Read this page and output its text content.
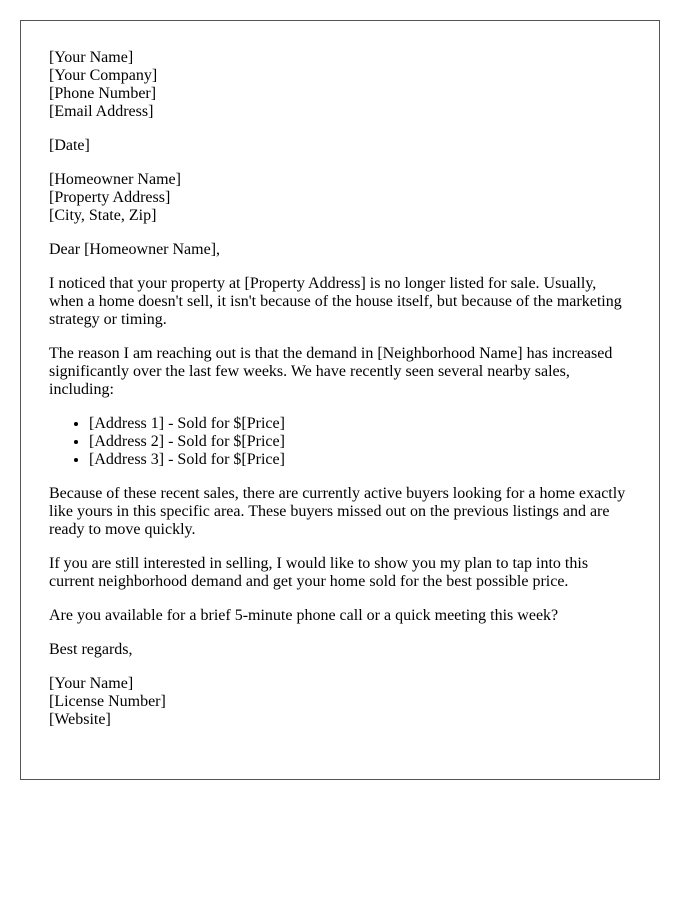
[Your Name]
[Your Company]
[Phone Number]
[Email Address]
[Date]
[Homeowner Name]
[Property Address]
[City, State, Zip]
Dear [Homeowner Name],

I noticed that your property at [Property Address] is no longer listed for sale. Usually, when a home doesn't sell, it isn't because of the house itself, but because of the marketing strategy or timing.

The reason I am reaching out is that the demand in [Neighborhood Name] has increased significantly over the last few weeks. We have recently seen several nearby sales, including:

• [Address 1] - Sold for $[Price]
• [Address 2] - Sold for $[Price]
• [Address 3] - Sold for $[Price]

Because of these recent sales, there are currently active buyers looking for a home exactly like yours in this specific area. These buyers missed out on the previous listings and are ready to move quickly.

If you are still interested in selling, I would like to show you my plan to tap into this current neighborhood demand and get your home sold for the best possible price.

Are you available for a brief 5-minute phone call or a quick meeting this week?

Best regards,
[Your Name]
[License Number]
[Website]
